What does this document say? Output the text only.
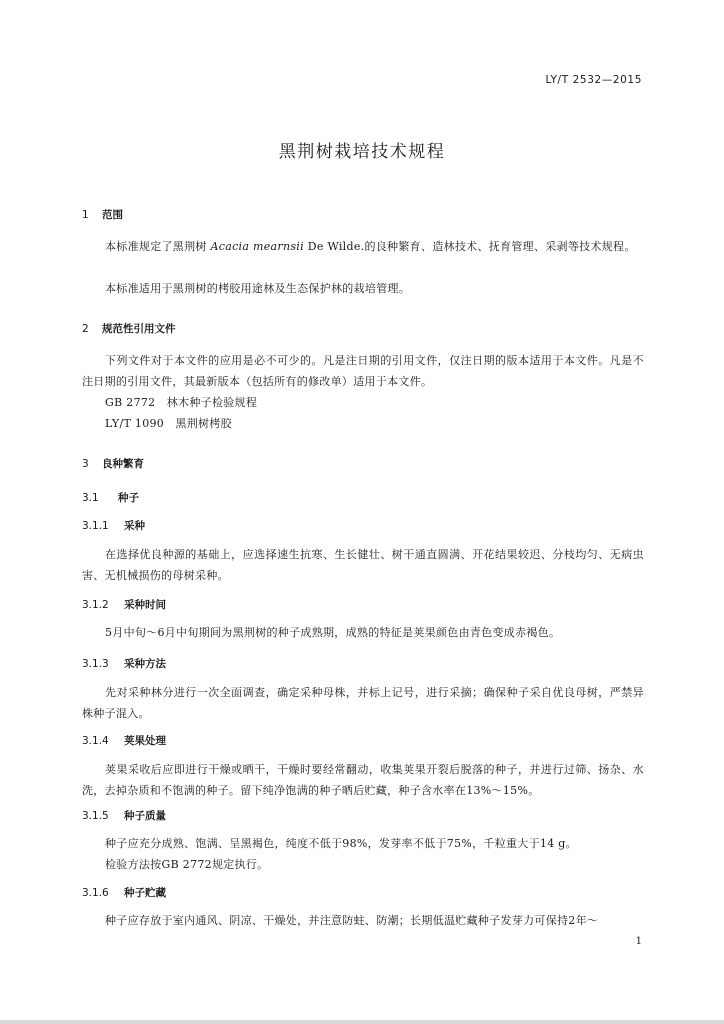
LY/T 2532—2015
黑荆树栽培技术规程
1 范围
本标准规定了黑荆树 Acacia mearnsii De Wilde.的良种繁育、造林技术、抚育管理、采剥等技术规程。
本标准适用于黑荆树的栲胶用途林及生态保护林的栽培管理。
2 规范性引用文件
下列文件对于本文件的应用是必不可少的。凡是注日期的引用文件，仅注日期的版本适用于本文件。凡是不注日期的引用文件，其最新版本（包括所有的修改单）适用于本文件。
GB 2772　林木种子检验规程
LY/T 1090　黑荆树栲胶
3 良种繁育
3.1 种子
3.1.1 采种
在选择优良种源的基础上，应选择速生抗寒、生长健壮、树干通直圆满、开花结果较迟、分枝均匀、无病虫害、无机械损伤的母树采种。
3.1.2 采种时间
5月中旬～6月中旬期间为黑荆树的种子成熟期，成熟的特征是荚果颜色由青色变成赤褐色。
3.1.3 采种方法
先对采种林分进行一次全面调查，确定采种母株，并标上记号，进行采摘；确保种子采自优良母树，严禁异株种子混入。
3.1.4 荚果处理
荚果采收后应即进行干燥或晒干，干燥时要经常翻动，收集荚果开裂后脱落的种子，并进行过筛、扬杂、水洗，去掉杂质和不饱满的种子。留下纯净饱满的种子晒后贮藏，种子含水率在13%～15%。
3.1.5 种子质量
种子应充分成熟、饱满、呈黑褐色，纯度不低于98%，发芽率不低于75%，千粒重大于14 g。
检验方法按GB 2772规定执行。
3.1.6 种子贮藏
种子应存放于室内通风、阴凉、干燥处，并注意防蛀、防潮；长期低温贮藏种子发芽力可保持2年～
1
